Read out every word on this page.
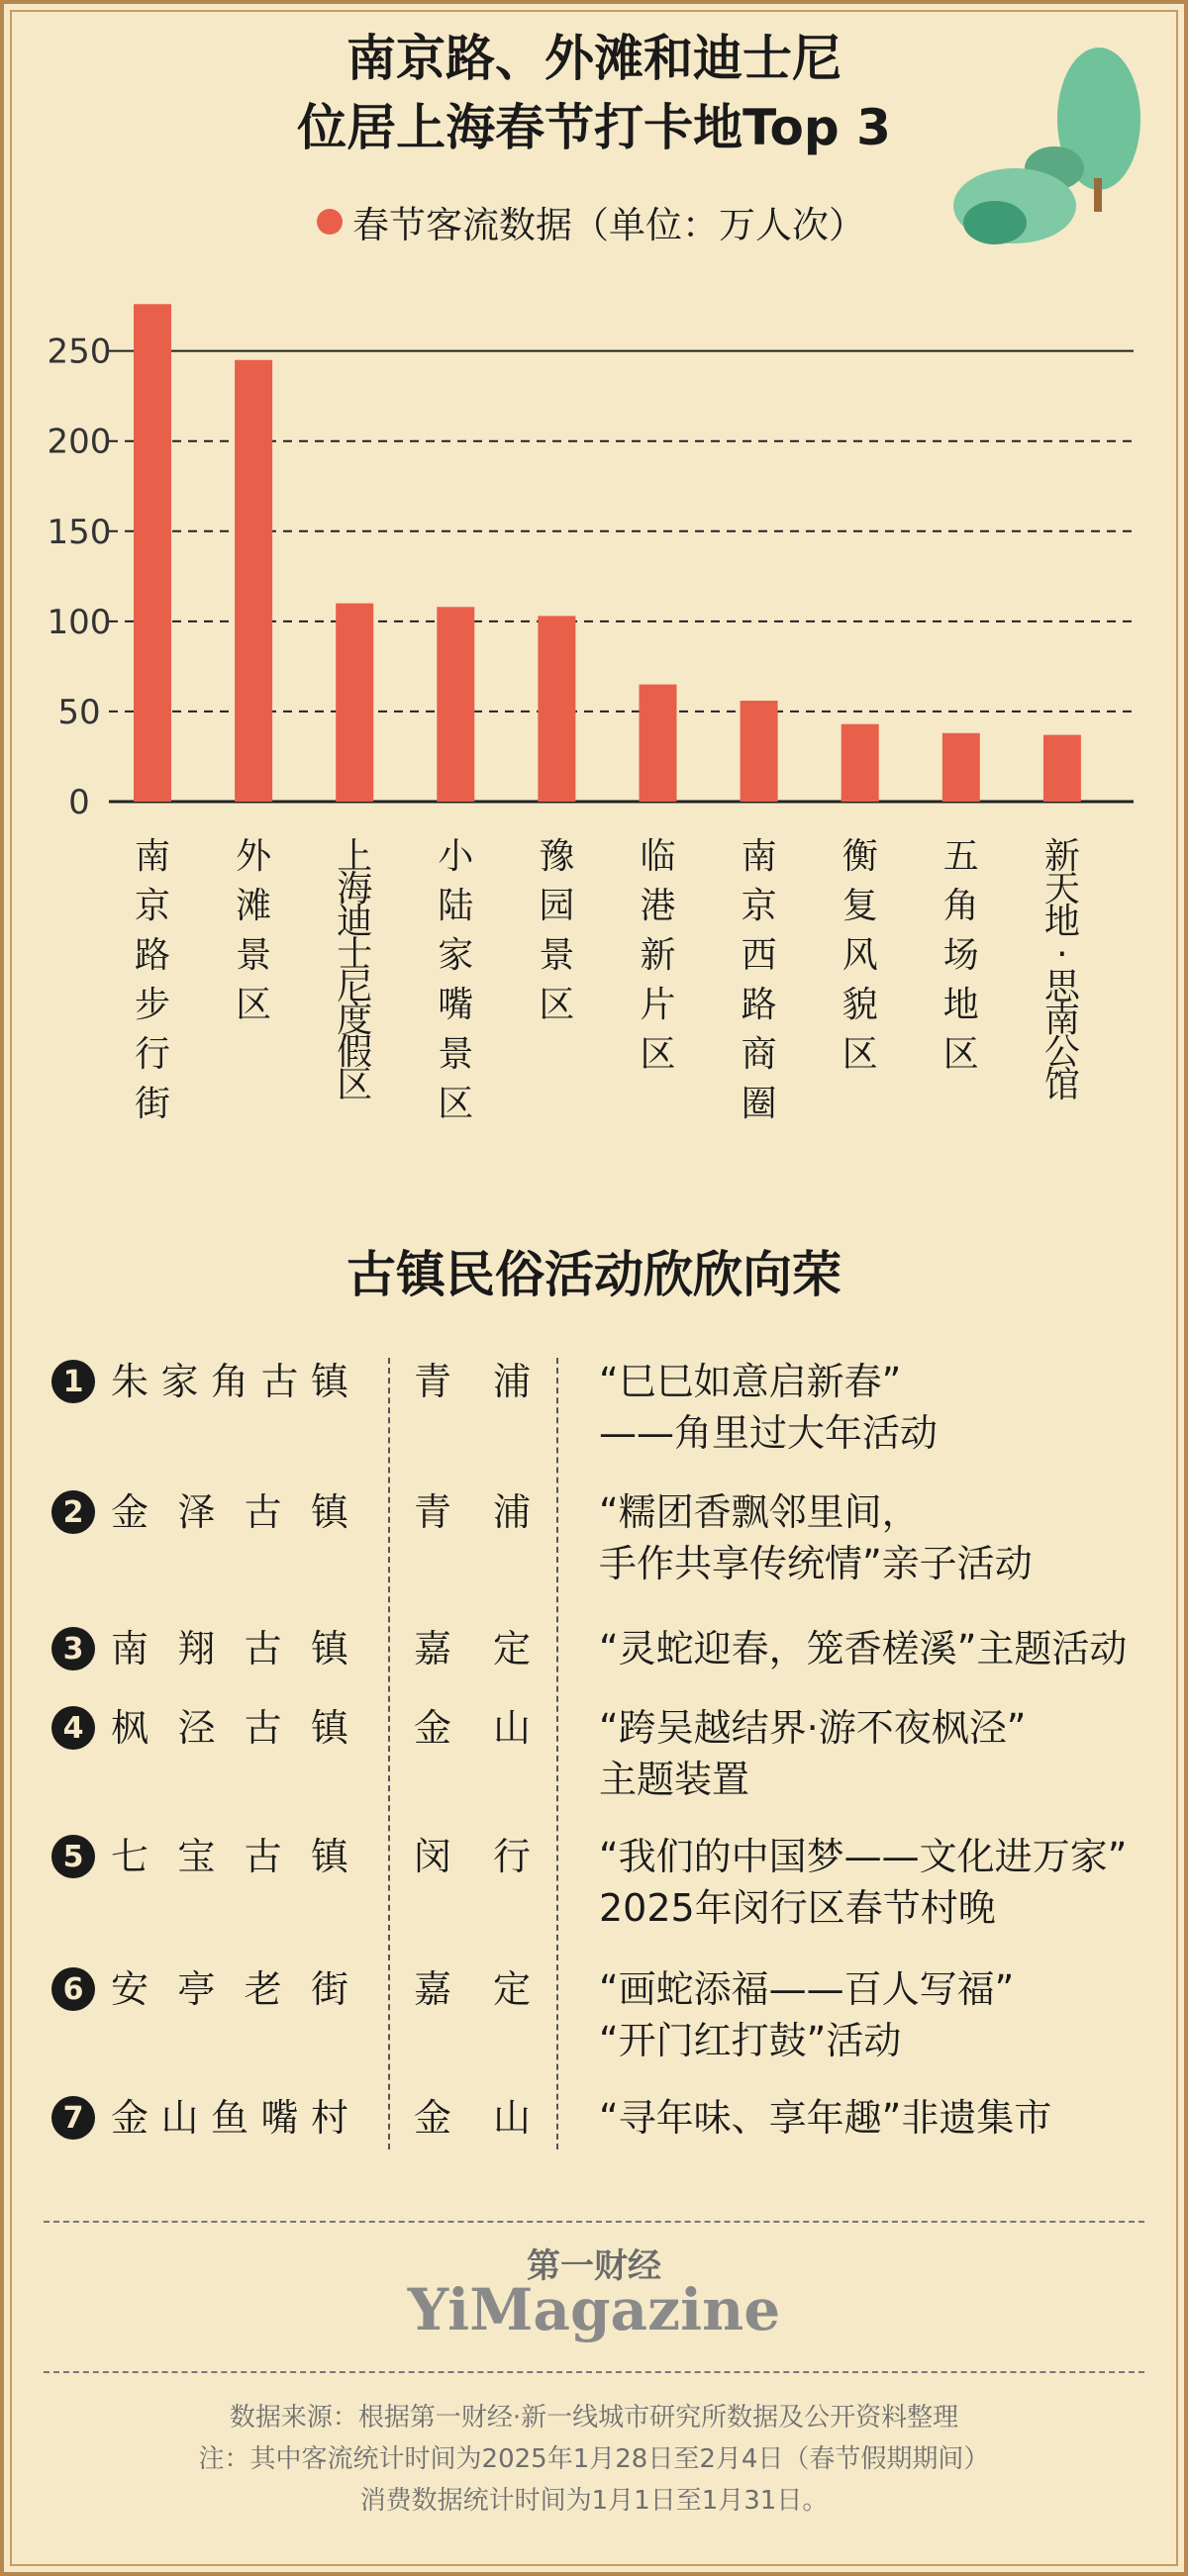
南京路、外滩和迪士尼
位居上海春节打卡地Top 3
春节客流数据（单位：万人次）
0
50
100
150
200
250
南
京
路
步
行
街
外
滩
景
区
上
海
迪
士
尼
度
假
区
小
陆
家
嘴
景
区
豫
园
景
区
临
港
新
片
区
南
京
西
路
商
圈
衡
复
风
貌
区
五
角
场
地
区
新
天
地
·
思
南
公
馆
古镇民俗活动欣欣向荣
1 朱家角古镇 青浦 “巳巳如意启新春”
——角里过大年活动
2 金泽古镇 青浦 “糯团香飘邻里间，
手作共享传统情”亲子活动
3 南翔古镇 嘉定 “灵蛇迎春，笼香槎溪”主题活动
4 枫泾古镇 金山 “跨吴越结界·游不夜枫泾”
主题装置
5 七宝古镇 闵行 “我们的中国梦——文化进万家”
2025年闵行区春节村晚
6 安亭老街 嘉定 “画蛇添福——百人写福”
“开门红打鼓”活动
7 金山鱼嘴村 金山 “寻年味、享年趣”非遗集市
第一财经
YiMagazine
数据来源：根据第一财经·新一线城市研究所数据及公开资料整理
注：其中客流统计时间为2025年1月28日至2月4日（春节假期期间）
消费数据统计时间为1月1日至1月31日。
